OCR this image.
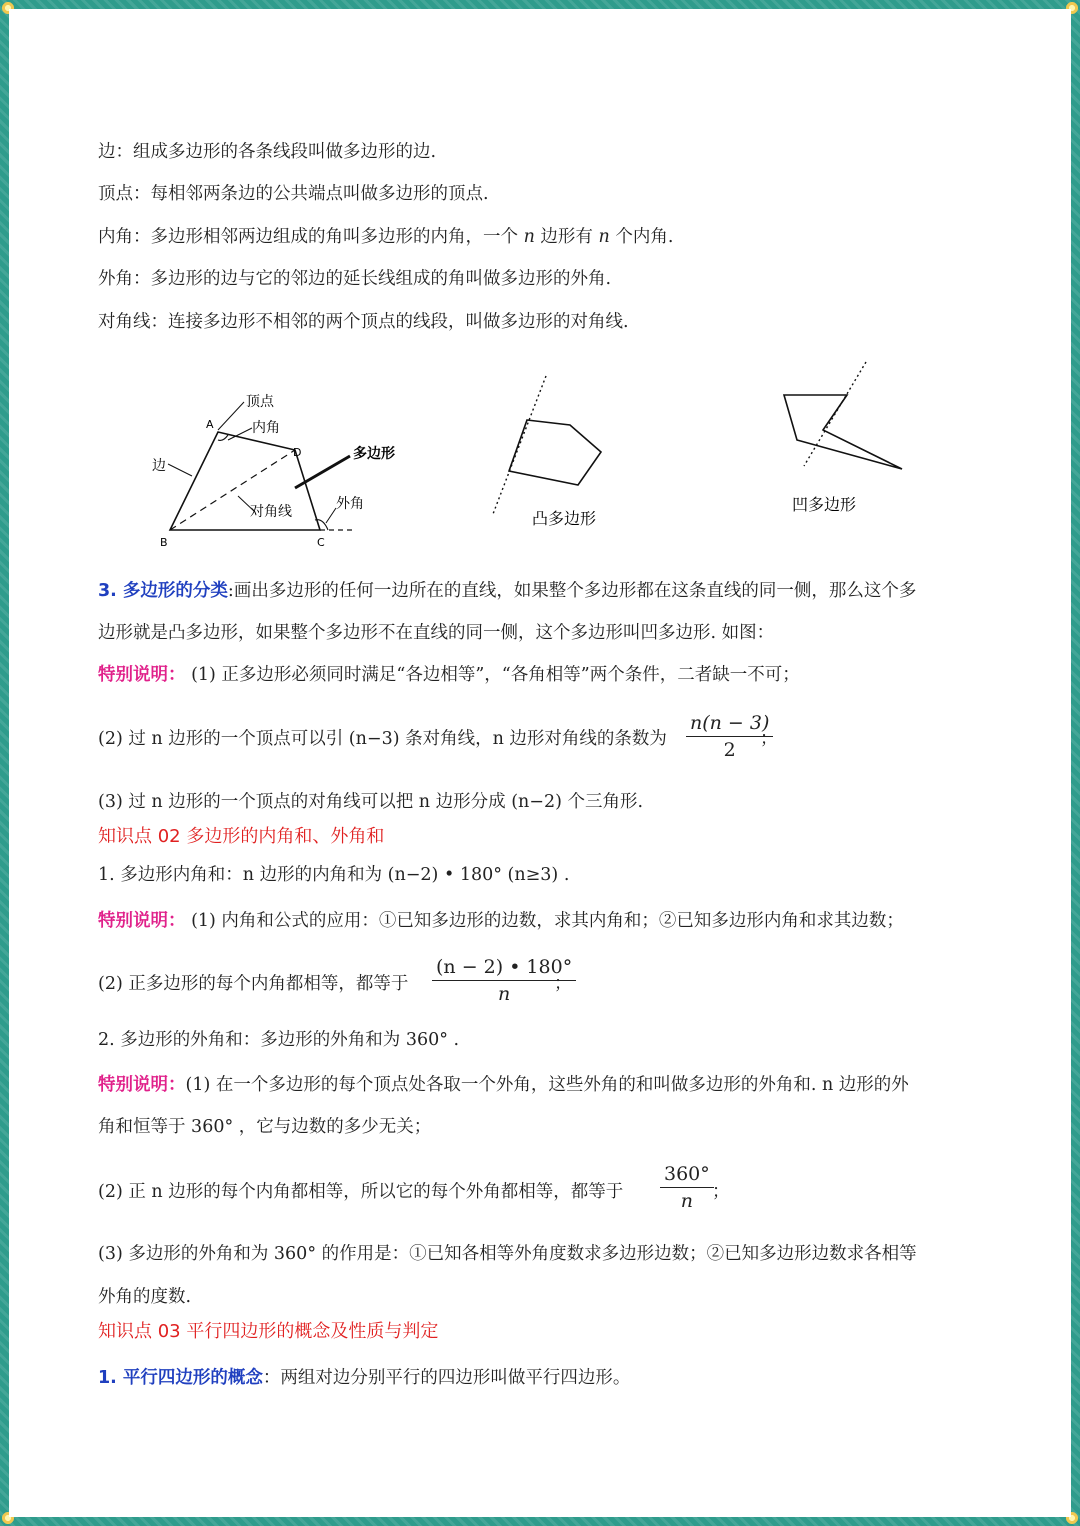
边：组成多边形的各条线段叫做多边形的边.
顶点：每相邻两条边的公共端点叫做多边形的顶点.
内角：多边形相邻两边组成的角叫多边形的内角，一个 n 边形有 n 个内角.
外角：多边形的边与它的邻边的延长线组成的角叫做多边形的外角.
对角线：连接多边形不相邻的两个顶点的线段，叫做多边形的对角线.
顶点
内角
边
多边形
对角线	外角
A
D
B	C
凸多边形
凹多边形
3. 多边形的分类:画出多边形的任何一边所在的直线，如果整个多边形都在这条直线的同一侧，那么这个多
边形就是凸多边形，如果整个多边形不在直线的同一侧，这个多边形叫凹多边形. 如图：
特别说明： (1) 正多边形必须同时满足“各边相等”，“各角相等”两个条件，二者缺一不可；
(2) 过 n 边形的一个顶点可以引 (n−3) 条对角线，n 边形对角线的条数为
n(n − 3)
2	；
(3) 过 n 边形的一个顶点的对角线可以把 n 边形分成 (n−2) 个三角形.
知识点 02 多边形的内角和、外角和
1. 多边形内角和：n 边形的内角和为 (n−2) • 180° (n≥3) .
特别说明： (1) 内角和公式的应用：①已知多边形的边数，求其内角和；②已知多边形内角和求其边数；
(2) 正多边形的每个内角都相等，都等于
(n − 2) • 180°
n	；
2. 多边形的外角和：多边形的外角和为 360° .
特别说明：(1) 在一个多边形的每个顶点处各取一个外角，这些外角的和叫做多边形的外角和. n 边形的外
角和恒等于 360° ，它与边数的多少无关；
(2) 正 n 边形的每个内角都相等，所以它的每个外角都相等，都等于
360°
n	；
(3) 多边形的外角和为 360° 的作用是：①已知各相等外角度数求多边形边数；②已知多边形边数求各相等
外角的度数.
知识点 03 平行四边形的概念及性质与判定
1. 平行四边形的概念：两组对边分别平行的四边形叫做平行四边形。
